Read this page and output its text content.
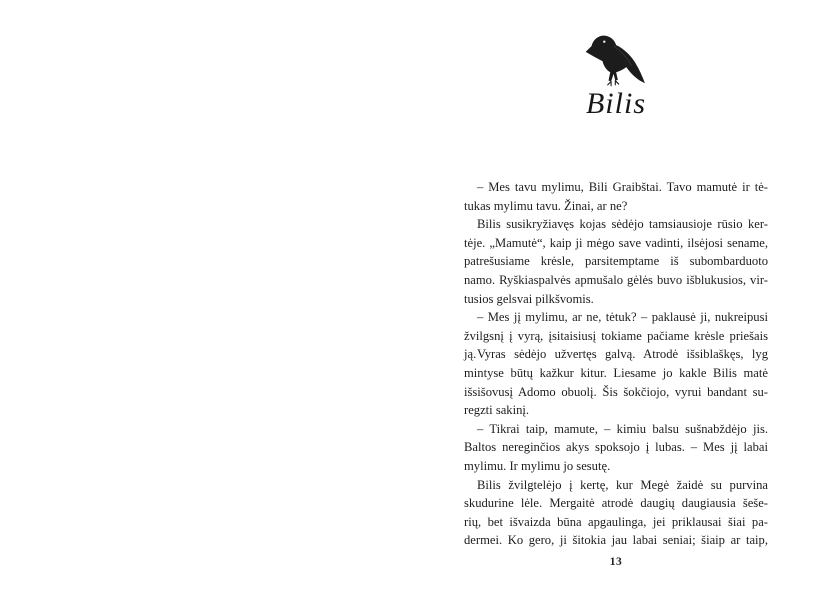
Bilis
– Mes tavu mylimu, Bili Graibštai. Tavo mamutė ir tė-
tukas mylimu tavu. Žinai, ar ne?
Bilis susikryžiavęs kojas sėdėjo tamsiausioje rūsio ker-
tėje. „Mamutė“, kaip ji mėgo save vadinti, ilsėjosi sename,
patrešusiame krėsle, parsitemptame iš subombarduoto
namo. Ryškiaspalvės apmušalo gėlės buvo išblukusios, vir-
tusios gelsvai pilkšvomis.
– Mes jį mylimu, ar ne, tėtuk? – paklausė ji, nukreipusi
žvilgsnį į vyrą, įsitaisiusį tokiame pačiame krėsle priešais ją. Vyras sėdėjo užvertęs galvą. Atrodė išsiblaškęs, lyg
mintyse būtų kažkur kitur. Liesame jo kakle Bilis matė
išsišovusį Adomo obuolį. Šis šokčiojo, vyrui bandant su-
regzti sakinį.
– Tikrai taip, mamute, – kimiu balsu sušnabždėjo jis.
Baltos nereginčios akys spoksojo į lubas. – Mes jį labai
mylimu. Ir mylimu jo sesutę.
Bilis žvilgtelėjo į kertę, kur Megė žaidė su purvina
skudurine lėle. Mergaitė atrodė daugių daugiausia šeše-
rių, bet išvaizda būna apgaulinga, jei priklausai šiai pa-
dermei. Ko gero, ji šitokia jau labai seniai; šiaip ar taip,
13
